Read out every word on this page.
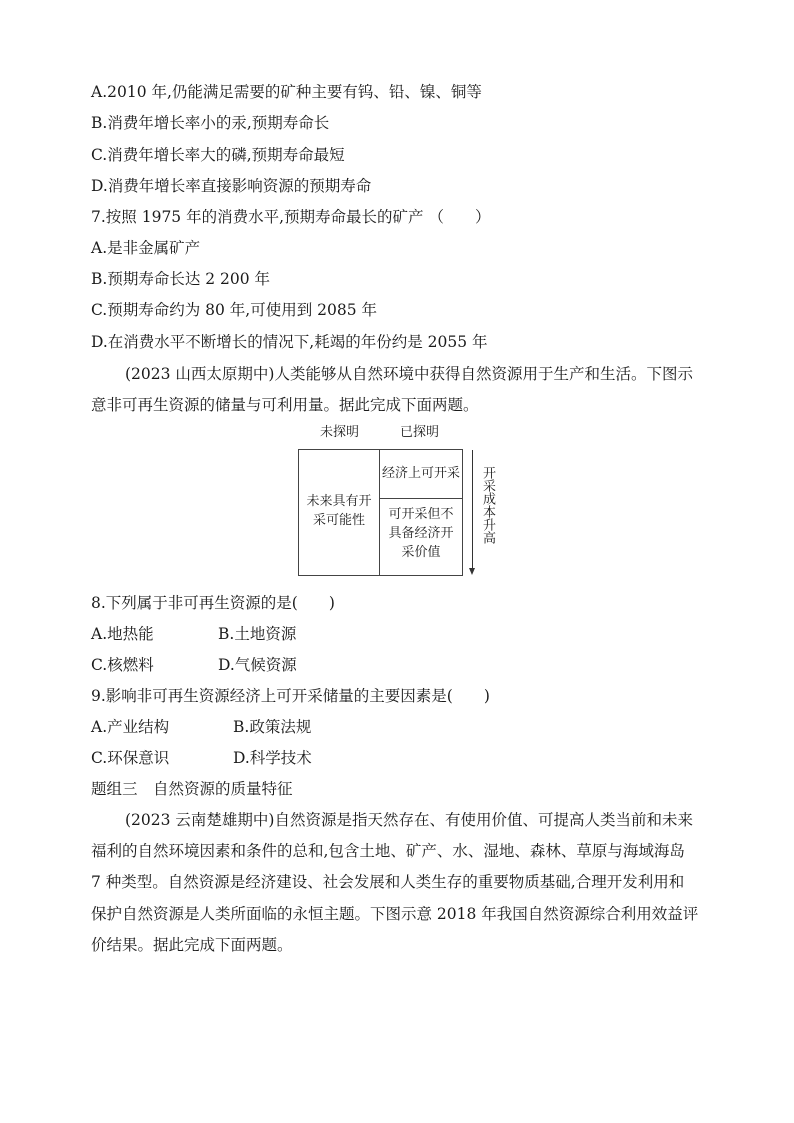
A.2010 年,仍能满足需要的矿种主要有钨、铅、镍、铜等
B.消费年增长率小的汞,预期寿命长
C.消费年增长率大的磷,预期寿命最短
D.消费年增长率直接影响资源的预期寿命
7.按照 1975 年的消费水平,预期寿命最长的矿产 （　　）
A.是非金属矿产
B.预期寿命长达 2 200 年
C.预期寿命约为 80 年,可使用到 2085 年
D.在消费水平不断增长的情况下,耗竭的年份约是 2055 年
(2023 山西太原期中)人类能够从自然环境中获得自然资源用于生产和生活。下图示
意非可再生资源的储量与可利用量。据此完成下面两题。
未探明	已探明
未来具有开
采可能性
经济上可开采
可开采但不
具备经济开
采价值
开采成本升高
8.下列属于非可再生资源的是(　　)
A.地热能	B.土地资源
C.核燃料	D.气候资源
9.影响非可再生资源经济上可开采储量的主要因素是(　　)
A.产业结构	B.政策法规
C.环保意识	D.科学技术
题组三　自然资源的质量特征
(2023 云南楚雄期中)自然资源是指天然存在、有使用价值、可提高人类当前和未来
福利的自然环境因素和条件的总和,包含土地、矿产、水、湿地、森林、草原与海域海岛
7 种类型。自然资源是经济建设、社会发展和人类生存的重要物质基础,合理开发利用和
保护自然资源是人类所面临的永恒主题。下图示意 2018 年我国自然资源综合利用效益评
价结果。据此完成下面两题。
